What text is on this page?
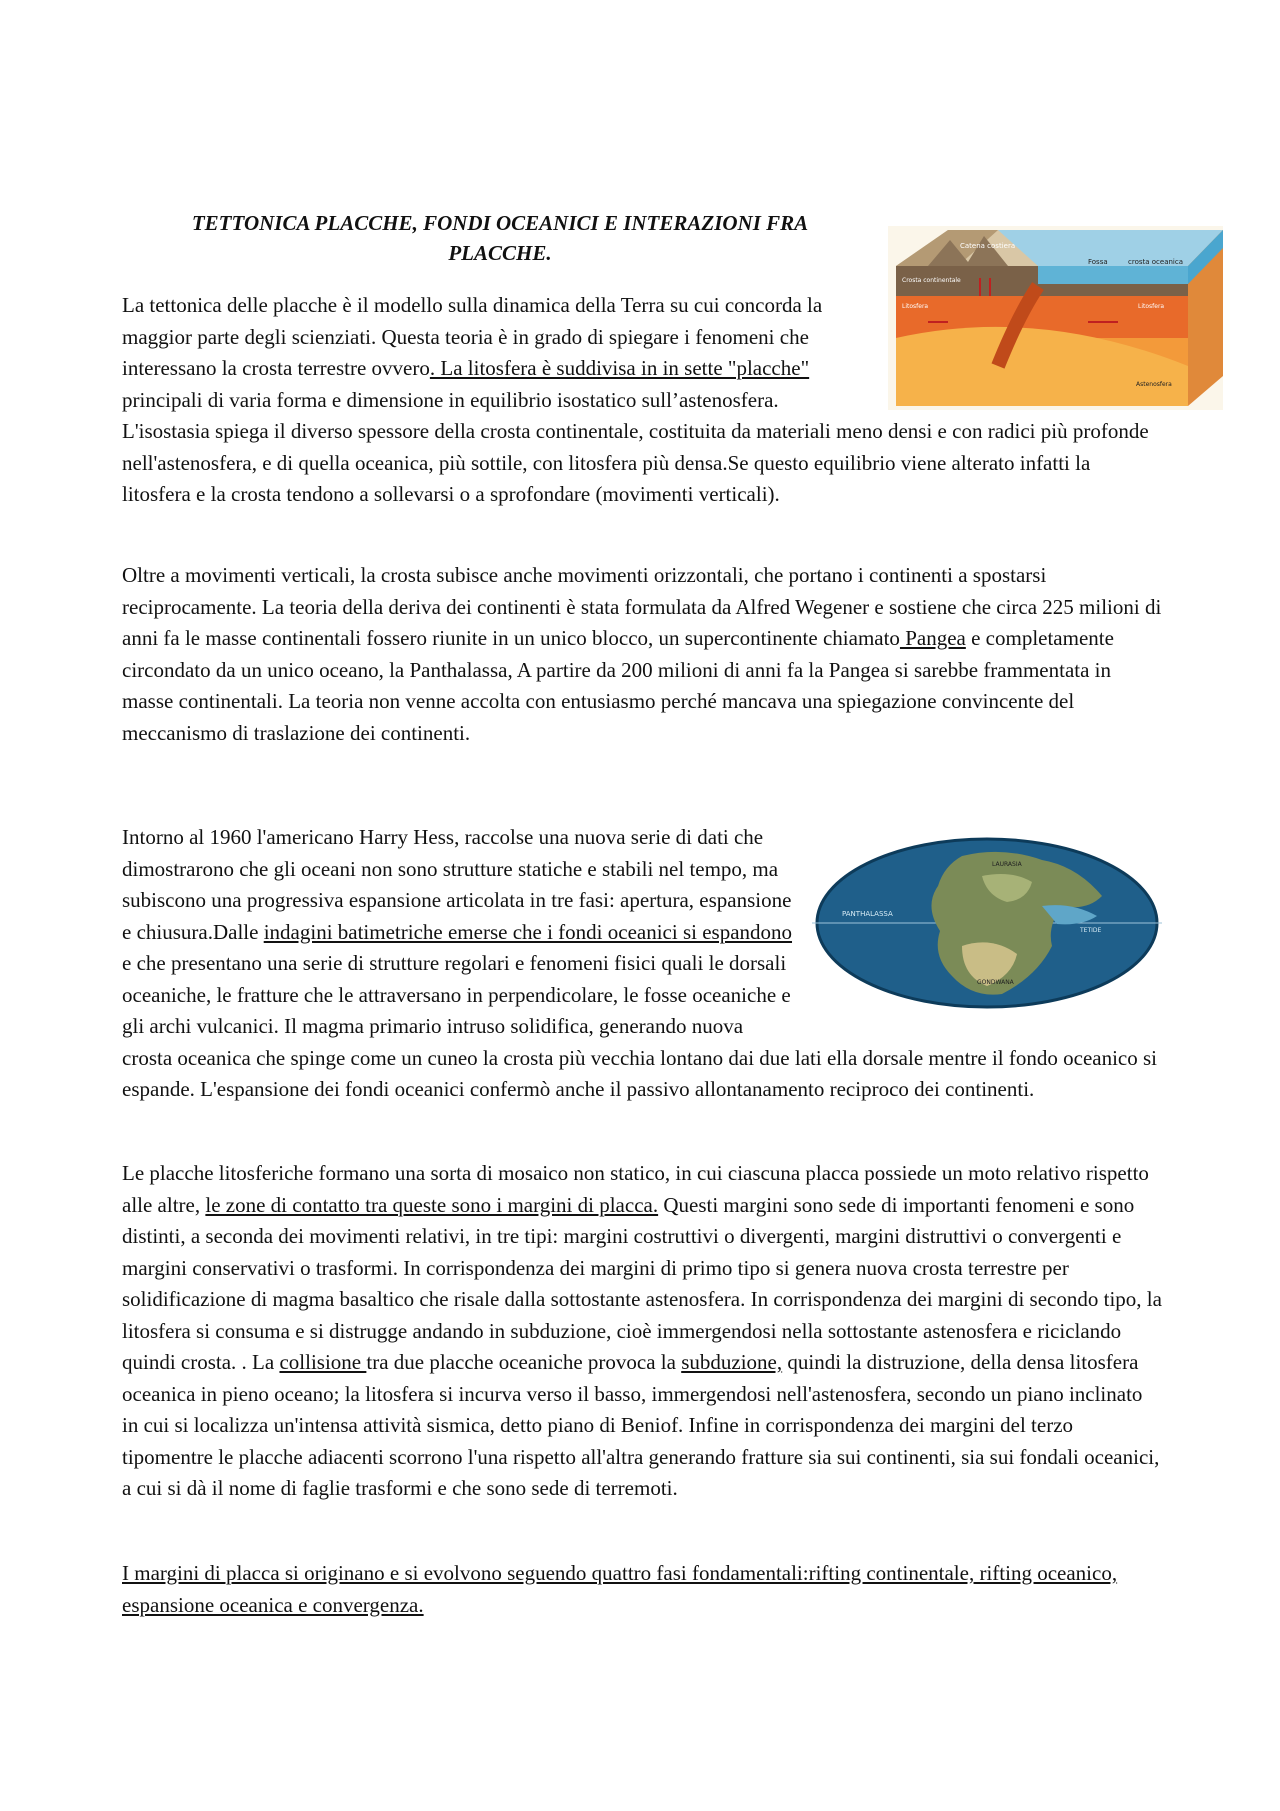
TETTONICA PLACCHE, FONDI OCEANICI E INTERAZIONI FRA PLACCHE.	Catena costiera
Fossa	crosta oceanica
Crosta continentale
Litosfera	Litosfera
Astenosfera
La tettonica delle placche è il modello sulla dinamica della Terra su cui concorda la maggior parte degli scienziati. Questa teoria è in grado di spiegare i fenomeni che interessano la crosta terrestre ovvero. La litosfera è suddivisa in in sette "placche" principali di varia forma e dimensione in equilibrio isostatico sull’astenosfera. L'isostasia spiega il diverso spessore della crosta continentale, costituita da materiali meno densi e con radici più profonde nell'astenosfera, e di quella oceanica, più sottile, con litosfera più densa.Se questo equilibrio viene alterato infatti la litosfera e la crosta tendono a sollevarsi o a sprofondare (movimenti verticali).
Oltre a movimenti verticali, la crosta subisce anche movimenti orizzontali, che portano i continenti a spostarsi reciprocamente. La teoria della deriva dei continenti è stata formulata da Alfred Wegener e sostiene che circa 225 milioni di anni fa le masse continentali fossero riunite in un unico blocco, un supercontinente chiamato Pangea e completamente circondato da un unico oceano, la Panthalassa, A partire da 200 milioni di anni fa la Pangea si sarebbe frammentata in masse continentali. La teoria non venne accolta con entusiasmo perché mancava una spiegazione convincente del meccanismo di traslazione dei continenti.
PANTHALASSA
TETIDE
GONDWANA
LAURASIA
Intorno al 1960 l'americano Harry Hess, raccolse una nuova serie di dati che dimostrarono che gli oceani non sono strutture statiche e stabili nel tempo, ma subiscono una progressiva espansione articolata in tre fasi: apertura, espansione e chiusura.Dalle indagini batimetriche emerse che i fondi oceanici si espandono e che presentano una serie di strutture regolari e fenomeni fisici quali le dorsali oceaniche, le fratture che le attraversano in perpendicolare, le fosse oceaniche e gli archi vulcanici. Il magma primario intruso solidifica, generando nuova crosta oceanica che spinge come un cuneo la crosta più vecchia lontano dai due lati ella dorsale mentre il fondo oceanico si espande. L'espansione dei fondi oceanici confermò anche il passivo allontanamento reciproco dei continenti.
Le placche litosferiche formano una sorta di mosaico non statico, in cui ciascuna placca possiede un moto relativo rispetto alle altre, le zone di contatto tra queste sono i margini di placca. Questi margini sono sede di importanti fenomeni e sono distinti, a seconda dei movimenti relativi, in tre tipi: margini costruttivi o divergenti, margini distruttivi o convergenti e margini conservativi o trasformi. In corrispondenza dei margini di primo tipo si genera nuova crosta terrestre per solidificazione di magma basaltico che risale dalla sottostante astenosfera. In corrispondenza dei margini di secondo tipo, la litosfera si consuma e si distrugge andando in subduzione, cioè immergendosi nella sottostante astenosfera e riciclando quindi crosta. . La collisione tra due placche oceaniche provoca la subduzione, quindi la distruzione, della densa litosfera oceanica in pieno oceano; la litosfera si incurva verso il basso, immergendosi nell'astenosfera, secondo un piano inclinato in cui si localizza un'intensa attività sismica, detto piano di Beniof. Infine in corrispondenza dei margini del terzo tipomentre le placche adiacenti scorrono l'una rispetto all'altra generando fratture sia sui continenti, sia sui fondali oceanici, a cui si dà il nome di faglie trasformi e che sono sede di terremoti.
I margini di placca si originano e si evolvono seguendo quattro fasi fondamentali:rifting continentale, rifting oceanico, espansione oceanica e convergenza.
